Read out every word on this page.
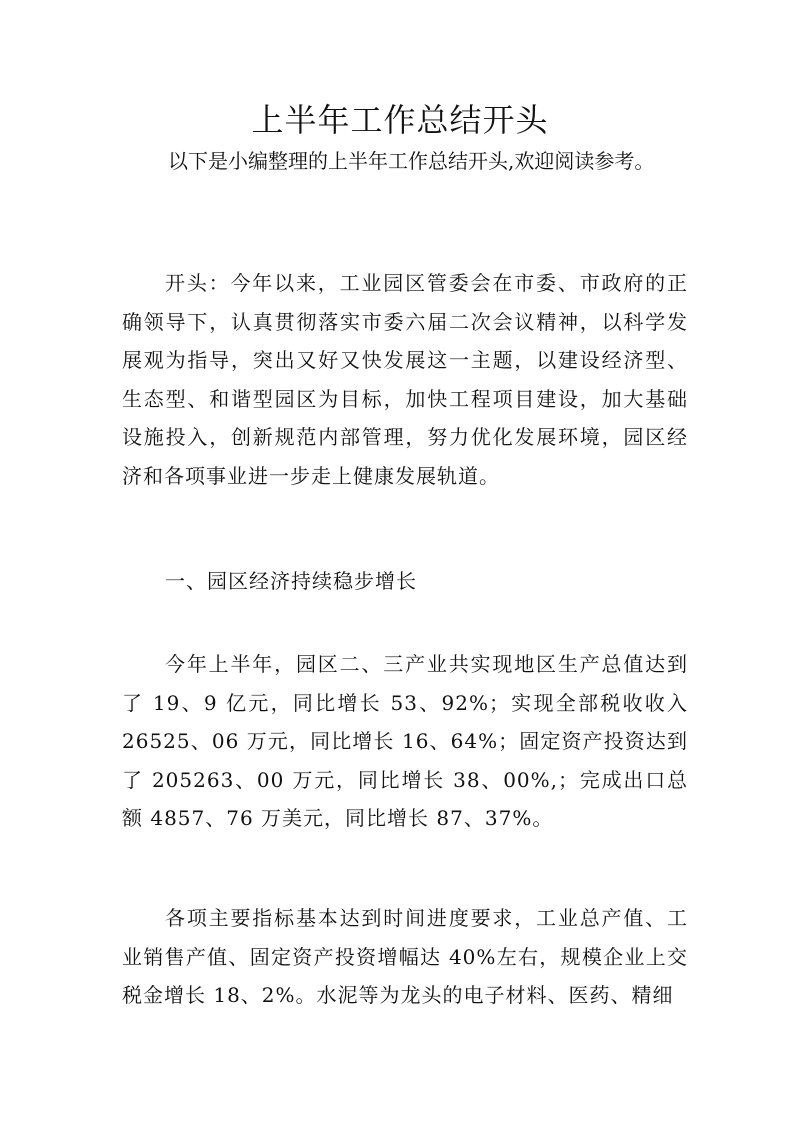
上半年工作总结开头

以下是小编整理的上半年工作总结开头,欢迎阅读参考。

开头：今年以来，工业园区管委会在市委、市政府的正确领导下，认真贯彻落实市委六届二次会议精神，以科学发展观为指导，突出又好又快发展这一主题，以建设经济型、生态型、和谐型园区为目标，加快工程项目建设，加大基础设施投入，创新规范内部管理，努力优化发展环境，园区经济和各项事业进一步走上健康发展轨道。

一、园区经济持续稳步增长

今年上半年，园区二、三产业共实现地区生产总值达到了 19、9 亿元，同比增长 53、92%；实现全部税收收入 26525、06 万元，同比增长 16、64%；固定资产投资达到了 205263、00 万元，同比增长 38、00%,；完成出口总额 4857、76 万美元，同比增长 87、37%。

各项主要指标基本达到时间进度要求，工业总产值、工业销售产值、固定资产投资增幅达 40%左右，规模企业上交税金增长 18、2%。水泥等为龙头的电子材料、医药、精细
